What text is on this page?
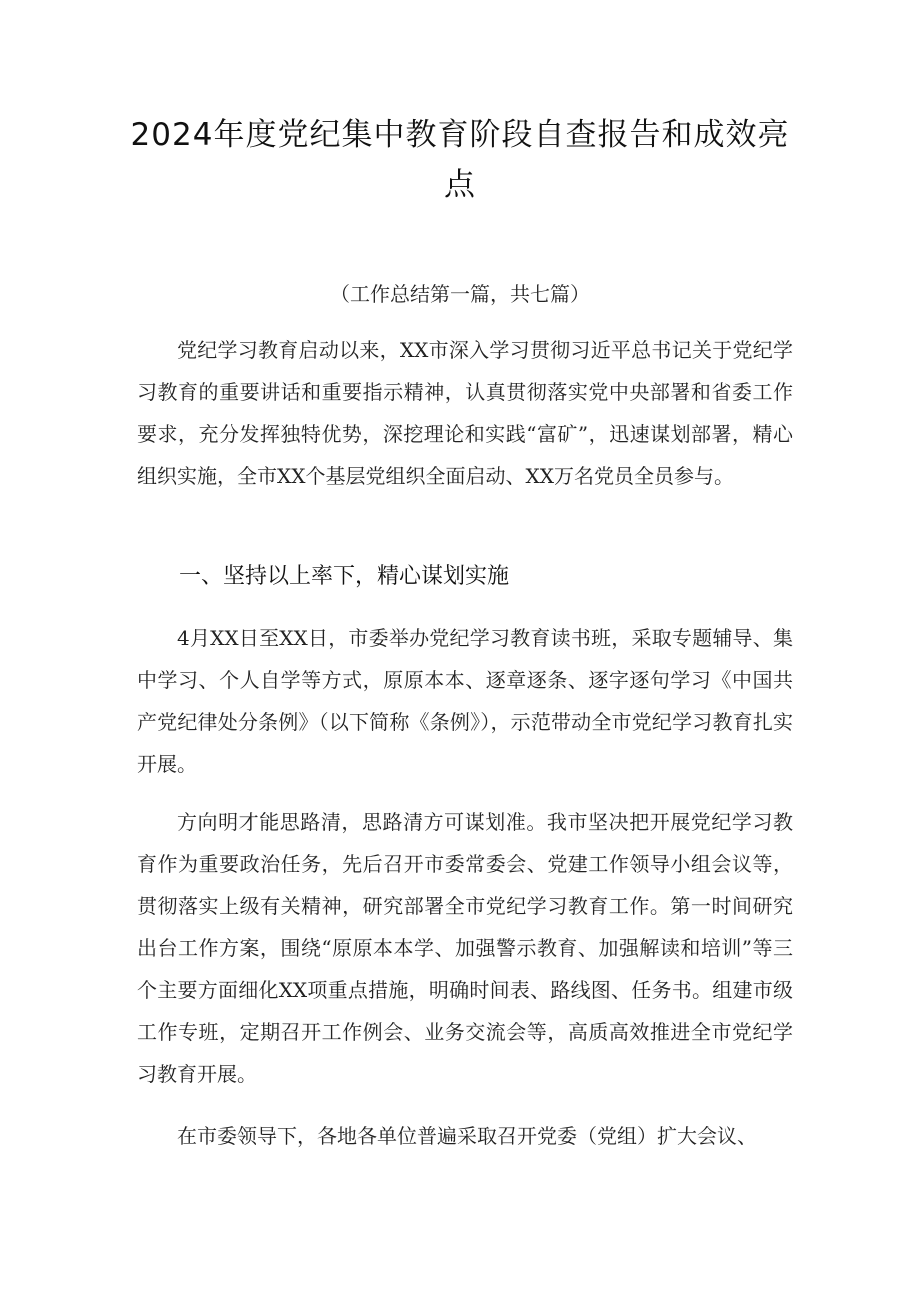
2024年度党纪集中教育阶段自查报告和成效亮点
（工作总结第一篇，共七篇）

党纪学习教育启动以来，XX市深入学习贯彻习近平总书记关于党纪学习教育的重要讲话和重要指示精神，认真贯彻落实党中央部署和省委工作要求，充分发挥独特优势，深挖理论和实践“富矿”，迅速谋划部署，精心组织实施，全市XX个基层党组织全面启动、XX万名党员全员参与。

一、坚持以上率下，精心谋划实施

4月XX日至XX日，市委举办党纪学习教育读书班，采取专题辅导、集中学习、个人自学等方式，原原本本、逐章逐条、逐字逐句学习《中国共产党纪律处分条例》（以下简称《条例》），示范带动全市党纪学习教育扎实开展。

方向明才能思路清，思路清方可谋划准。我市坚决把开展党纪学习教育作为重要政治任务，先后召开市委常委会、党建工作领导小组会议等，贯彻落实上级有关精神，研究部署全市党纪学习教育工作。第一时间研究出台工作方案，围绕“原原本本学、加强警示教育、加强解读和培训”等三个主要方面细化XX项重点措施，明确时间表、路线图、任务书。组建市级工作专班，定期召开工作例会、业务交流会等，高质高效推进全市党纪学习教育开展。

在市委领导下，各地各单位普遍采取召开党委（党组）扩大会议、
